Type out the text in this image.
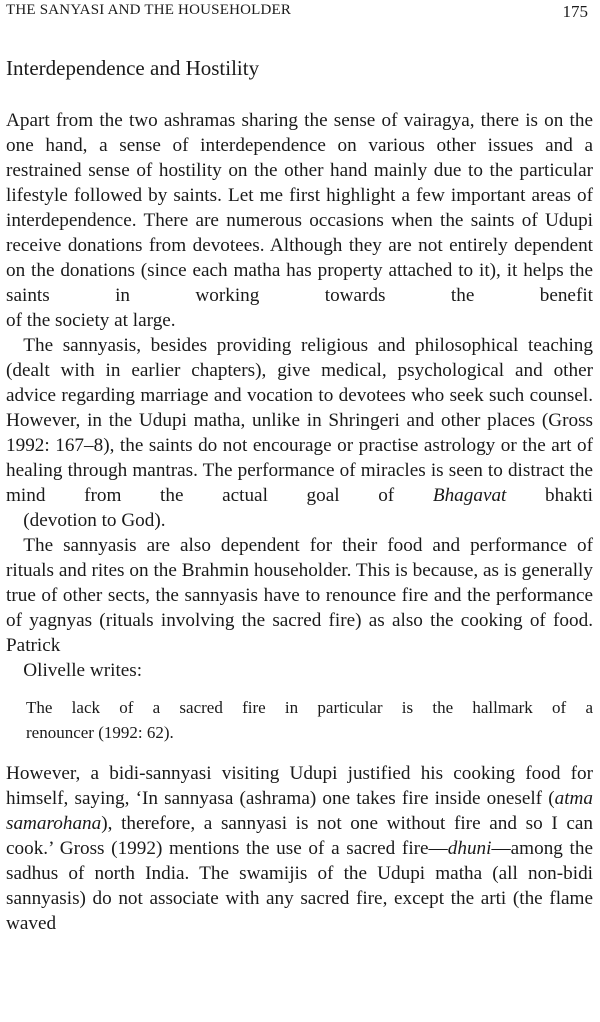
THE SANYASI AND THE HOUSEHOLDER	175
Interdependence and Hostility

Apart from the two ashramas sharing the sense of vairagya, there is on the one hand, a sense of interdependence on various other issues and a restrained sense of hostility on the other hand mainly due to the particular lifestyle followed by saints. Let me first highlight a few important areas of interdependence. There are numerous occasions when the saints of Udupi receive donations from devotees. Although they are not entirely dependent on the donations (since each matha has property attached to it), it helps the saints in working towards the benefit
of the society at large.

The sannyasis, besides providing religious and philosophical teaching (dealt with in earlier chapters), give medical, psychological and other advice regarding marriage and vocation to devotees who seek such counsel. However, in the Udupi matha, unlike in Shringeri and other places (Gross 1992: 167–8), the saints do not encourage or practise astrology or the art of healing through mantras. The performance of miracles is seen to distract the mind from the actual goal of Bhagavat bhakti
(devotion to God).

The sannyasis are also dependent for their food and performance of rituals and rites on the Brahmin householder. This is because, as is generally true of other sects, the sannyasis have to renounce fire and the performance of yagnyas (rituals involving the sacred fire) as also the cooking of food. Patrick
Olivelle writes:

The lack of a sacred fire in particular is the hallmark of a
renouncer (1992: 62).

However, a bidi-sannyasi visiting Udupi justified his cooking food for himself, saying, ‘In sannyasa (ashrama) one takes fire inside oneself (atma samarohana), therefore, a sannyasi is not one without fire and so I can cook.’ Gross (1992) mentions the use of a sacred fire—dhuni—among the sadhus of north India. The swamijis of the Udupi matha (all non-bidi sannyasis) do not associate with any sacred fire, except the arti (the flame waved
